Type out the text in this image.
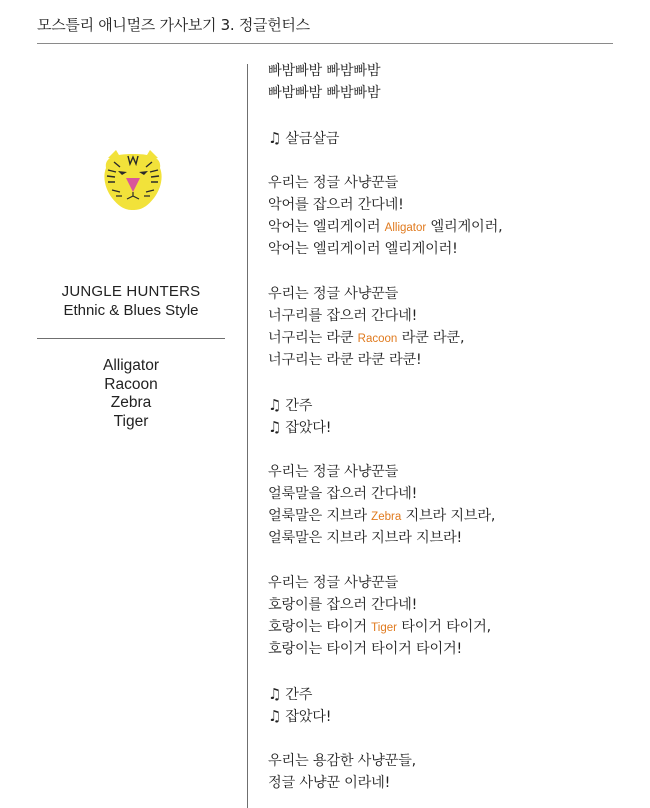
모스틀리 애니멀즈 가사보기 3. 정글헌터스
JUNGLE HUNTERS
Ethnic & Blues Style
Alligator
Racoon
Zebra
Tiger
빠밤빠밤 빠밤빠밤
빠밤빠밤 빠밤빠밤
♫ 살금살금
우리는 정글 사냥꾼들
악어를 잡으러 간다네!
악어는 엘리게이러 Alligator 엘리게이러,
악어는 엘리게이러 엘리게이러!
우리는 정글 사냥꾼들
너구리를 잡으러 간다네!
너구리는 라쿤 Racoon 라쿤 라쿤,
너구리는 라쿤 라쿤 라쿤!
♫ 간주
♫ 잡았다!
우리는 정글 사냥꾼들
얼룩말을 잡으러 간다네!
얼룩말은 지브라 Zebra 지브라 지브라,
얼룩말은 지브라 지브라 지브라!
우리는 정글 사냥꾼들
호랑이를 잡으러 간다네!
호랑이는 타이거 Tiger 타이거 타이거,
호랑이는 타이거 타이거 타이거!
♫ 간주
♫ 잡았다!
우리는 용감한 사냥꾼들,
정글 사냥꾼 이라네!
